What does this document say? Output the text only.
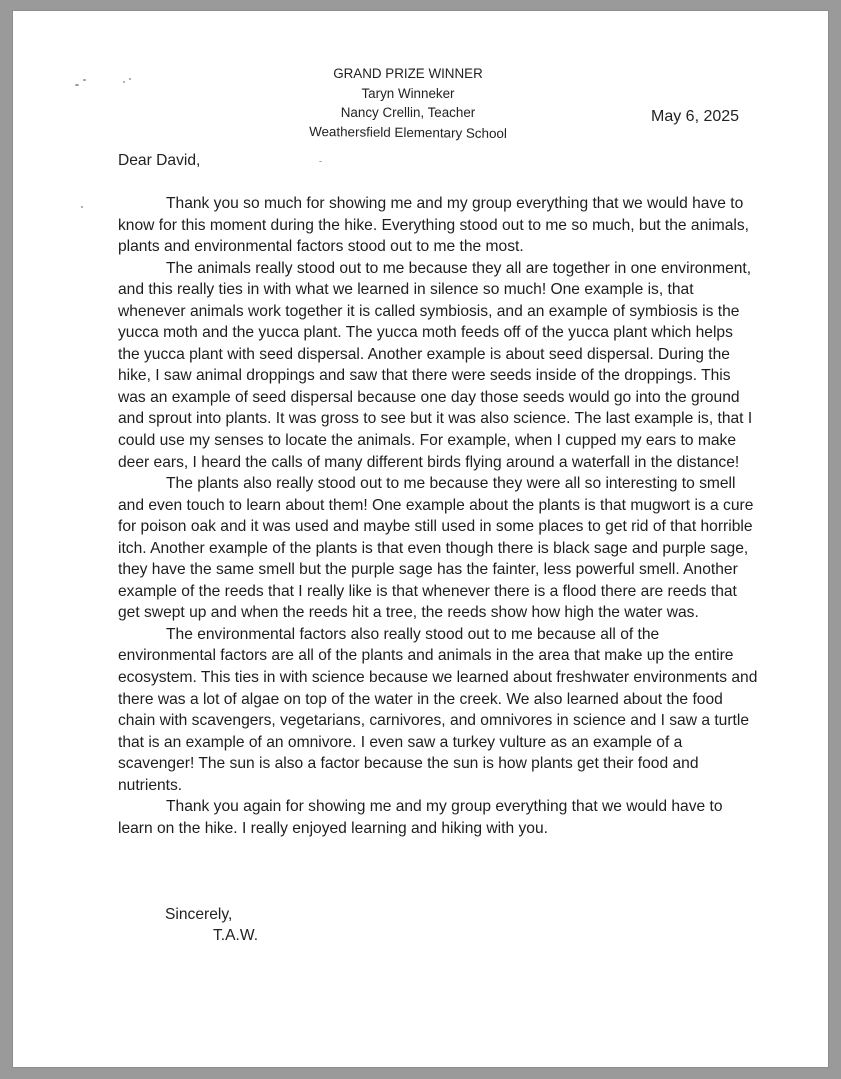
GRAND PRIZE WINNER
Taryn Winneker
Nancy Crellin, Teacher
Weathersfield Elementary School
May 6, 2025
Dear David,

Thank you so much for showing me and my group everything that we would have to know for this moment during the hike. Everything stood out to me so much, but the animals, plants and environmental factors stood out to me the most.

The animals really stood out to me because they all are together in one environment, and this really ties in with what we learned in silence so much! One example is, that whenever animals work together it is called symbiosis, and an example of symbiosis is the yucca moth and the yucca plant. The yucca moth feeds off of the yucca plant which helps the yucca plant with seed dispersal. Another example is about seed dispersal. During the hike, I saw animal droppings and saw that there were seeds inside of the droppings. This was an example of seed dispersal because one day those seeds would go into the ground and sprout into plants. It was gross to see but it was also science. The last example is, that I could use my senses to locate the animals. For example, when I cupped my ears to make deer ears, I heard the calls of many different birds flying around a waterfall in the distance!

The plants also really stood out to me because they were all so interesting to smell and even touch to learn about them! One example about the plants is that mugwort is a cure for poison oak and it was used and maybe still used in some places to get rid of that horrible itch. Another example of the plants is that even though there is black sage and purple sage, they have the same smell but the purple sage has the fainter, less powerful smell. Another example of the reeds that I really like is that whenever there is a flood there are reeds that get swept up and when the reeds hit a tree, the reeds show how high the water was.

The environmental factors also really stood out to me because all of the environmental factors are all of the plants and animals in the area that make up the entire ecosystem. This ties in with science because we learned about freshwater environments and there was a lot of algae on top of the water in the creek. We also learned about the food chain with scavengers, vegetarians, carnivores, and omnivores in science and I saw a turtle that is an example of an omnivore. I even saw a turkey vulture as an example of a scavenger! The sun is also a factor because the sun is how plants get their food and nutrients.

Thank you again for showing me and my group everything that we would have to learn on the hike. I really enjoyed learning and hiking with you.

Sincerely,
T.A.W.
